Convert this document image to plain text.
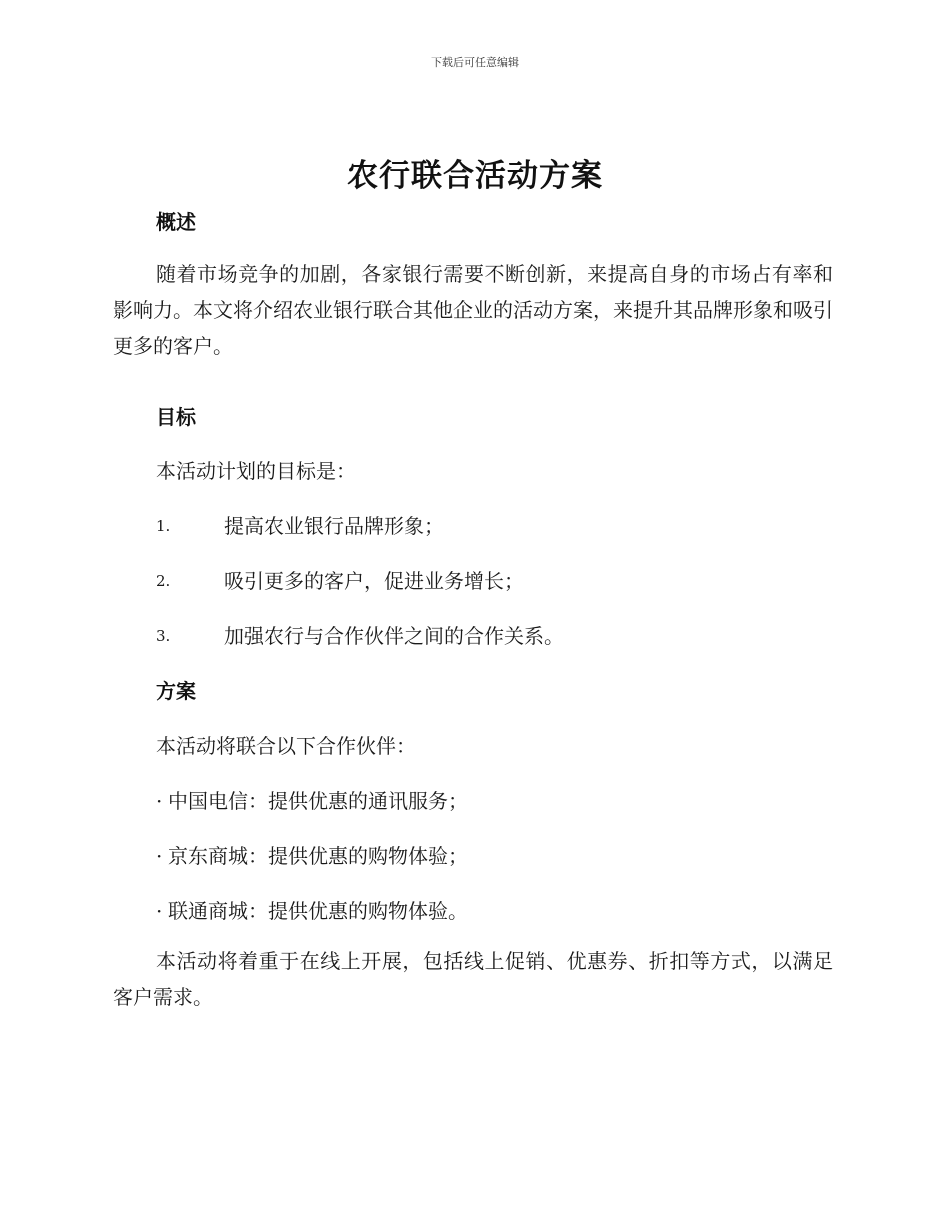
下载后可任意编辑
农行联合活动方案
概述
随着市场竞争的加剧，各家银行需要不断创新，来提高自身的市场占有率和影响力。本文将介绍农业银行联合其他企业的活动方案，来提升其品牌形象和吸引更多的客户。
目标
本活动计划的目标是：
1.	提高农业银行品牌形象；
2.	吸引更多的客户，促进业务增长；
3.	加强农行与合作伙伴之间的合作关系。
方案
本活动将联合以下合作伙伴：
· 中国电信：提供优惠的通讯服务；
· 京东商城：提供优惠的购物体验；
· 联通商城：提供优惠的购物体验。
本活动将着重于在线上开展，包括线上促销、优惠券、折扣等方式，以满足客户需求。
